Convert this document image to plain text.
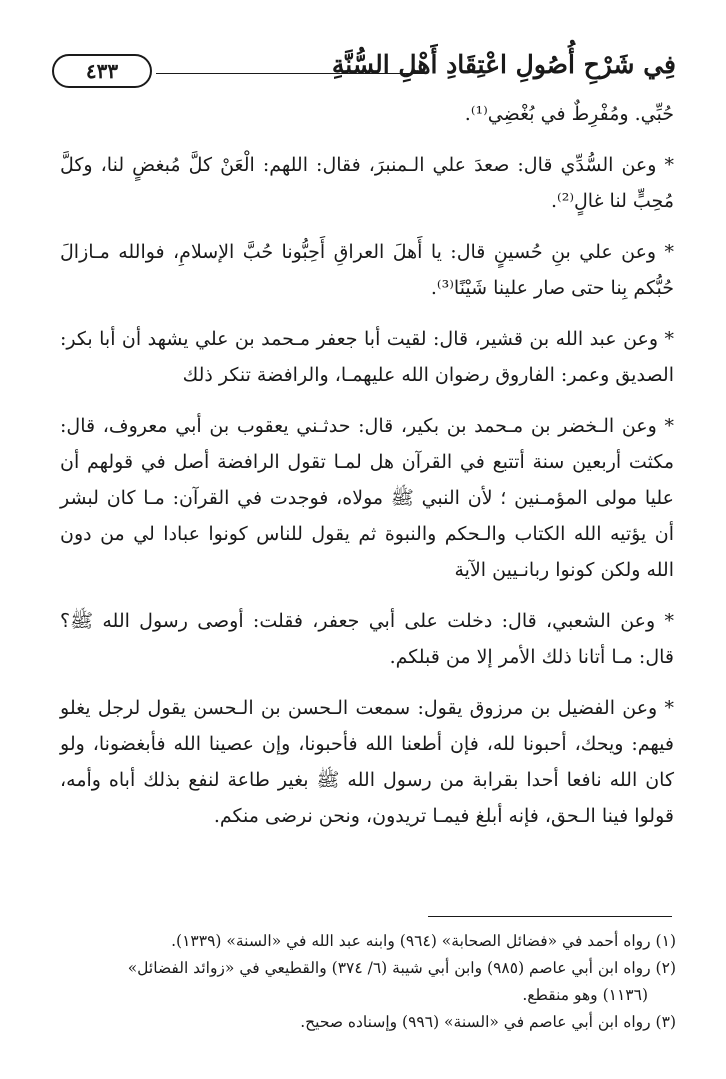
فِي شَرْحِ أُصُولِ اعْتِقَادِ أَهْلِ السُّنَّةِ
٤٣٣

حُبِّي. ومُفْرِطٌ في بُغْضِي⁽¹⁾.

* وعن السُّدِّي قال: صعدَ علي الـمنبرَ، فقال: اللهم: الْعَنْ كلَّ مُبغضٍ لنا، وكلَّ مُحِبٍّ لنا غالٍ⁽²⁾.

* وعن علي بنِ حُسينٍ قال: يا أَهلَ العراقِ أَحِبُّونا حُبَّ الإسلامِ، فوالله مـازالَ حُبُّكم بِنا حتى صار علينا شَيْنًا⁽³⁾.

* وعن عبد الله بن قشير، قال: لقيت أبا جعفر مـحمد بن علي يشهد أن أبا بكر: الصديق وعمر: الفاروق رضوان الله عليهمـا، والرافضة تنكر ذلك

* وعن الـخضر بن مـحمد بن بكير، قال: حدثـني يعقوب بن أبي معروف، قال: مكثت أربعين سنة أتتبع في القرآن هل لمـا تقول الرافضة أصل في قولهم أن عليا مولى المؤمـنين ؛ لأن النبي ﷺ مولاه، فوجدت في القرآن: مـا كان لبشر أن يؤتيه الله الكتاب والـحكم والنبوة ثم يقول للناس كونوا عبادا لي من دون الله ولكن كونوا ربانـيين الآية

* وعن الشعبي، قال: دخلت على أبي جعفر، فقلت: أوصى رسول الله ﷺ؟ قال: مـا أتانا ذلك الأمر إلا من قبلكم.

* وعن الفضيل بن مرزوق يقول: سمعت الـحسن بن الـحسن يقول لرجل يغلو فيهم: ويحك، أحبونا لله، فإن أطعنا الله فأحبونا، وإن عصينا الله فأبغضونا، ولو كان الله نافعا أحدا بقرابة من رسول الله ﷺ بغير طاعة لنفع بذلك أباه وأمه، قولوا فينا الـحق، فإنه أبلغ فيمـا تريدون، ونحن نرضى منكم.

(١) رواه أحمد في «فضائل الصحابة» (٩٦٤) وابنه عبد الله في «السنة» (١٣٣٩).

(٢) رواه ابن أبي عاصم (٩٨٥) وابن أبي شيبة (٦/ ٣٧٤) والقطيعي في «زوائد الفضائل»

(١١٣٦) وهو منقطع.

(٣) رواه ابن أبي عاصم في «السنة» (٩٩٦) وإسناده صحيح.
